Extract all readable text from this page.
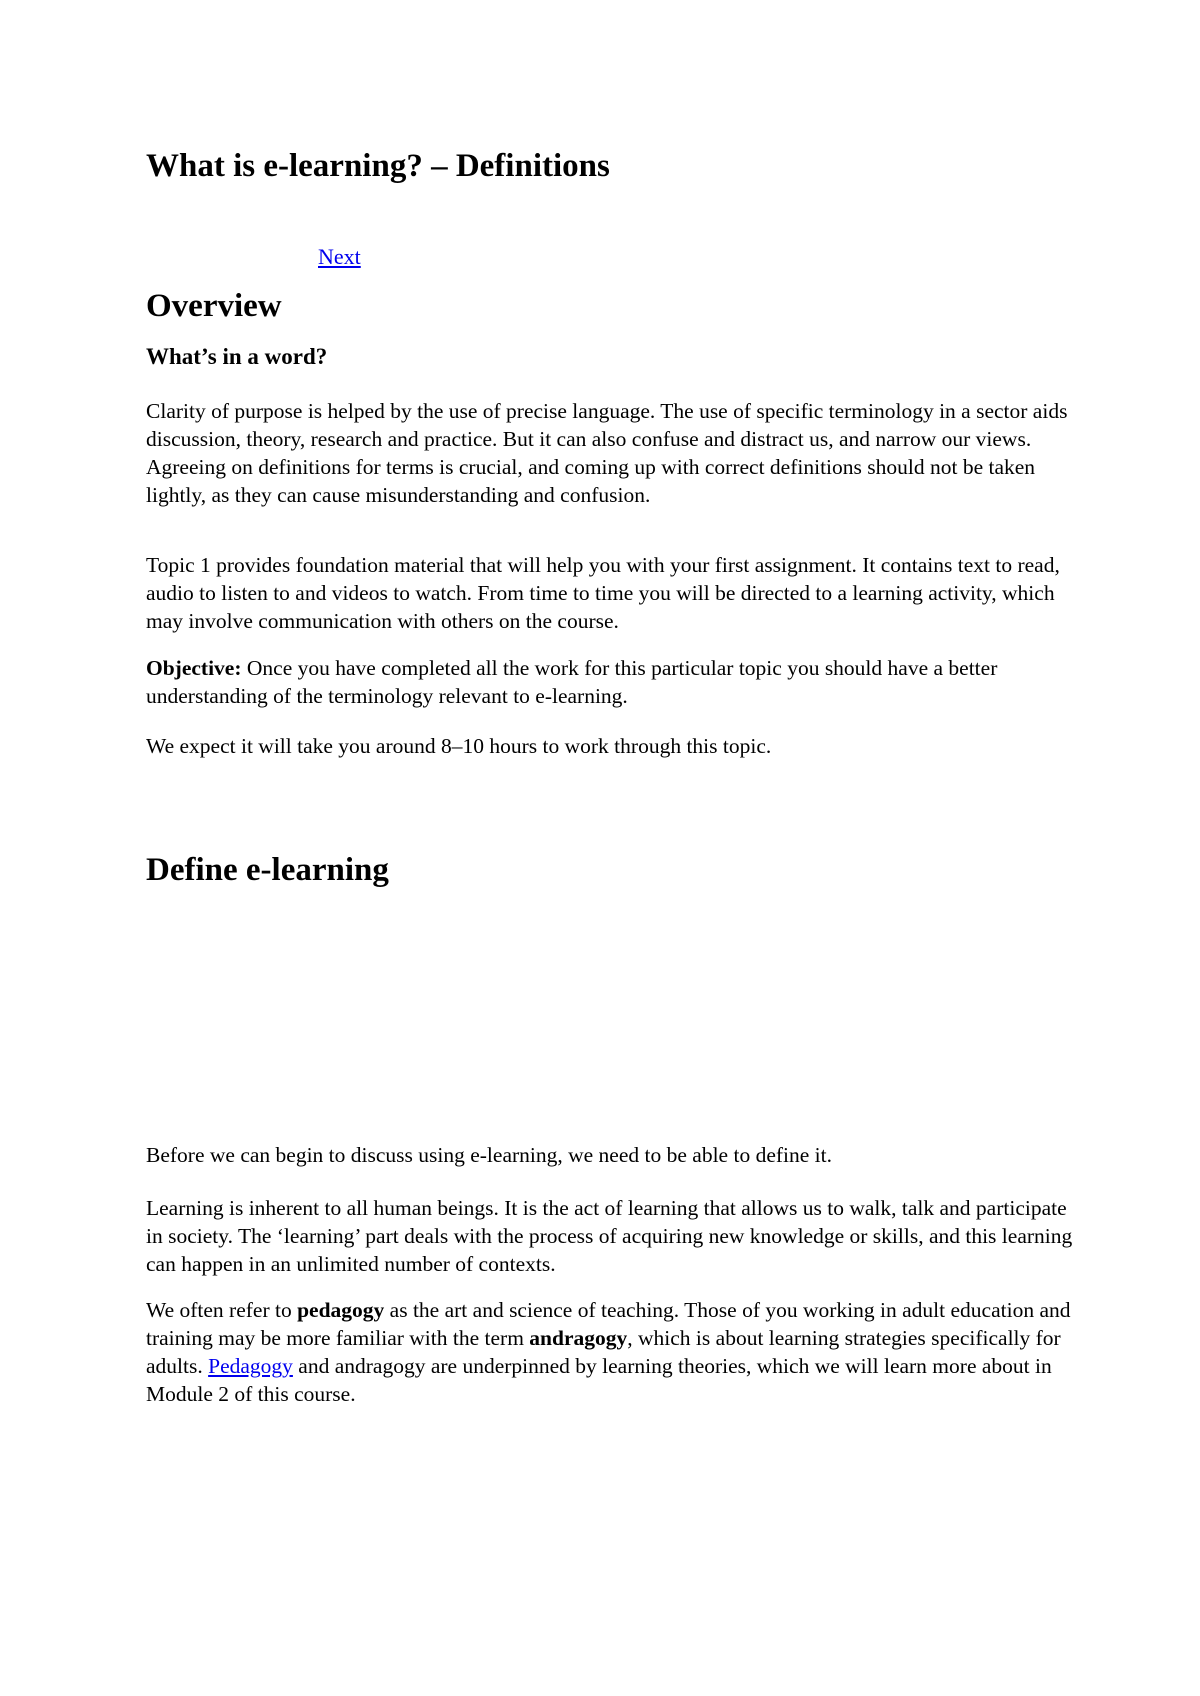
What is e-learning? – Definitions
Next
Overview
What’s in a word?

Clarity of purpose is helped by the use of precise language. The use of specific terminology in a sector aids discussion, theory, research and practice. But it can also confuse and distract us, and narrow our views. Agreeing on definitions for terms is crucial, and coming up with correct definitions should not be taken lightly, as they can cause misunderstanding and confusion.

Topic 1 provides foundation material that will help you with your first assignment. It contains text to read, audio to listen to and videos to watch. From time to time you will be directed to a learning activity, which may involve communication with others on the course.

Objective: Once you have completed all the work for this particular topic you should have a better understanding of the terminology relevant to e-learning.

We expect it will take you around 8–10 hours to work through this topic.

Define e-learning

Before we can begin to discuss using e-learning, we need to be able to define it.

Learning is inherent to all human beings. It is the act of learning that allows us to walk, talk and participate in society. The ‘learning’ part deals with the process of acquiring new knowledge or skills, and this learning can happen in an unlimited number of contexts.

We often refer to pedagogy as the art and science of teaching. Those of you working in adult education and training may be more familiar with the term andragogy, which is about learning strategies specifically for adults. Pedagogy and andragogy are underpinned by learning theories, which we will learn more about in Module 2 of this course.
